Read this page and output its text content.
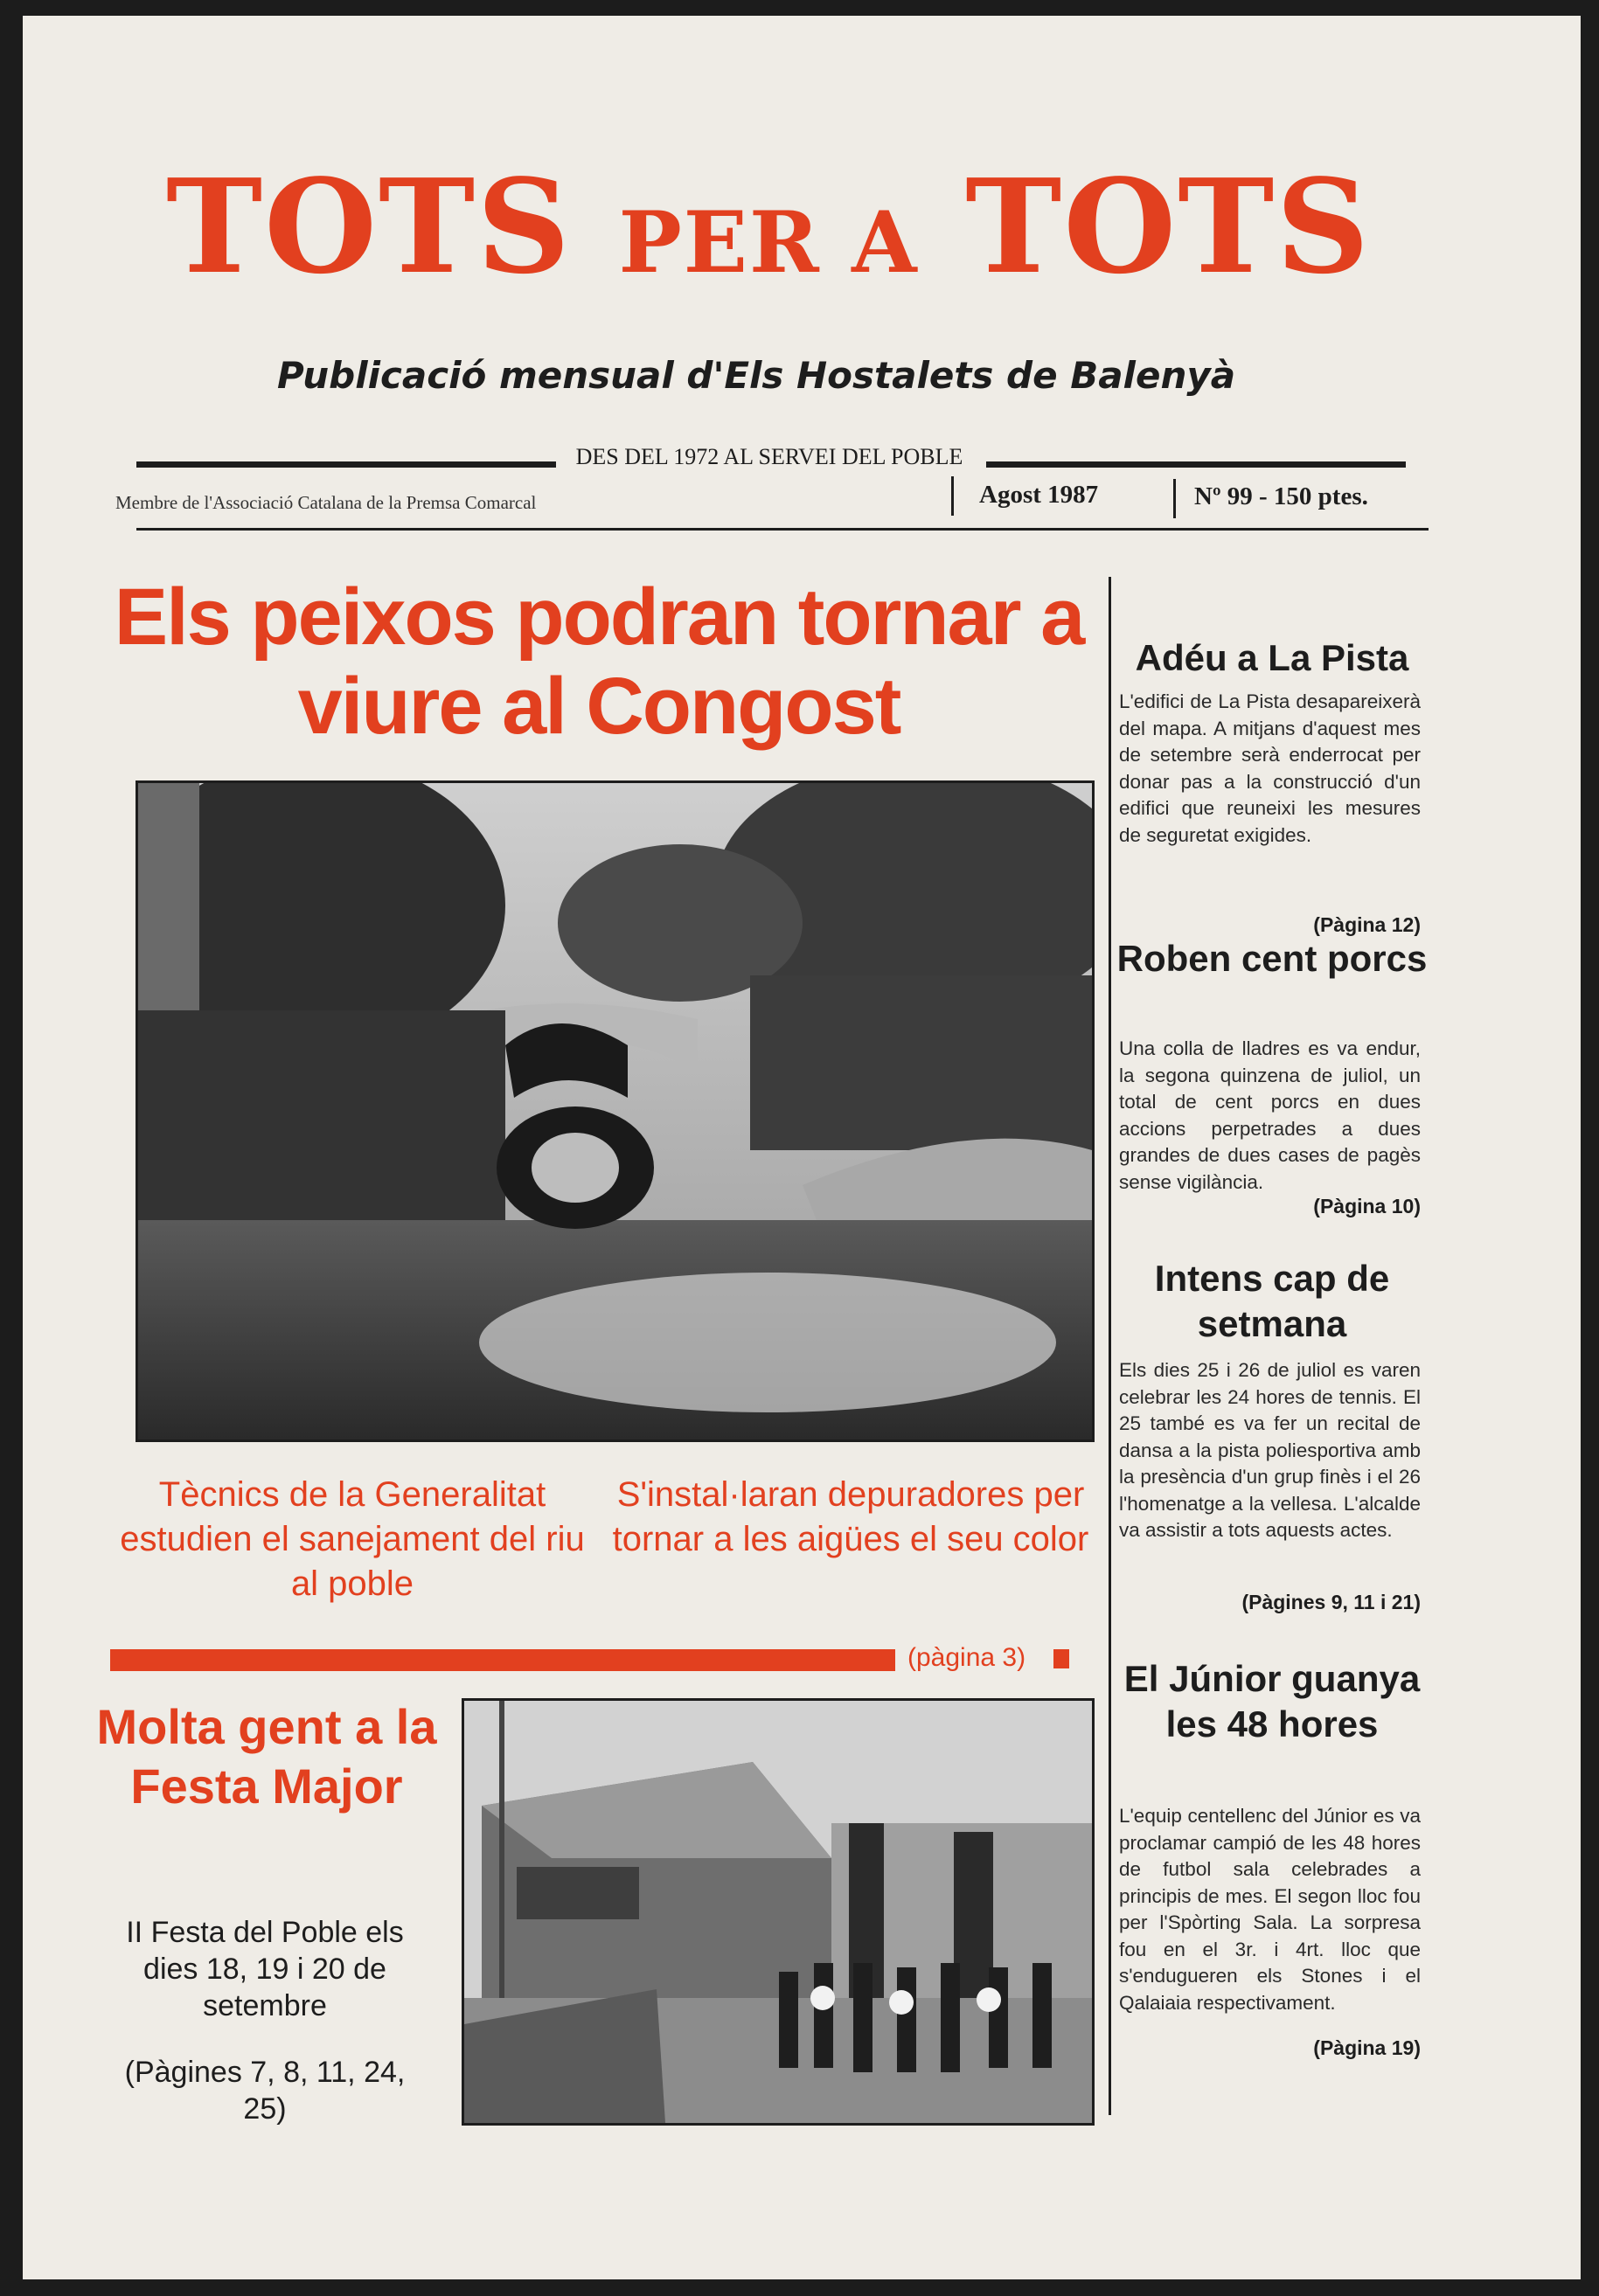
TOTS PER A TOTS
Publicació mensual d'Els Hostalets de Balenyà
DES DEL 1972 AL SERVEI DEL POBLE
Membre de l'Associació Catalana de la Premsa Comarcal	Agost 1987	Nº 99 - 150 ptes.
Els peixos podran tornar a viure al Congost
Tècnics de la Generalitat estudien el sanejament del riu al poble
S'instal·laran depuradores per tornar a les aigües el seu color
(pàgina 3)
Molta gent a la Festa Major
II Festa del Poble els dies 18, 19 i 20 de setembre
(Pàgines 7, 8, 11, 24, 25)
Adéu a La Pista
L'edifici de La Pista desapareixerà del mapa. A mitjans d'aquest mes de setembre serà enderrocat per donar pas a la construcció d'un edifici que reuneixi les mesures de seguretat exigides.
(Pàgina 12)
Roben cent porcs
Una colla de lladres es va endur, la segona quinzena de juliol, un total de cent porcs en dues accions perpetrades a dues grandes de dues cases de pagès sense vigilància.
(Pàgina 10)
Intens cap de setmana
Els dies 25 i 26 de juliol es varen celebrar les 24 hores de tennis. El 25 també es va fer un recital de dansa a la pista poliesportiva amb la presència d'un grup finès i el 26 l'homenatge a la vellesa. L'alcalde va assistir a tots aquests actes.
(Pàgines 9, 11 i 21)
El Júnior guanya les 48 hores
L'equip centellenc del Júnior es va proclamar campió de les 48 hores de futbol sala celebrades a principis de mes. El segon lloc fou per l'Spòrting Sala. La sorpresa fou en el 3r. i 4rt. lloc que s'endugueren els Stones i el Qalaiaia respectivament.
(Pàgina 19)
